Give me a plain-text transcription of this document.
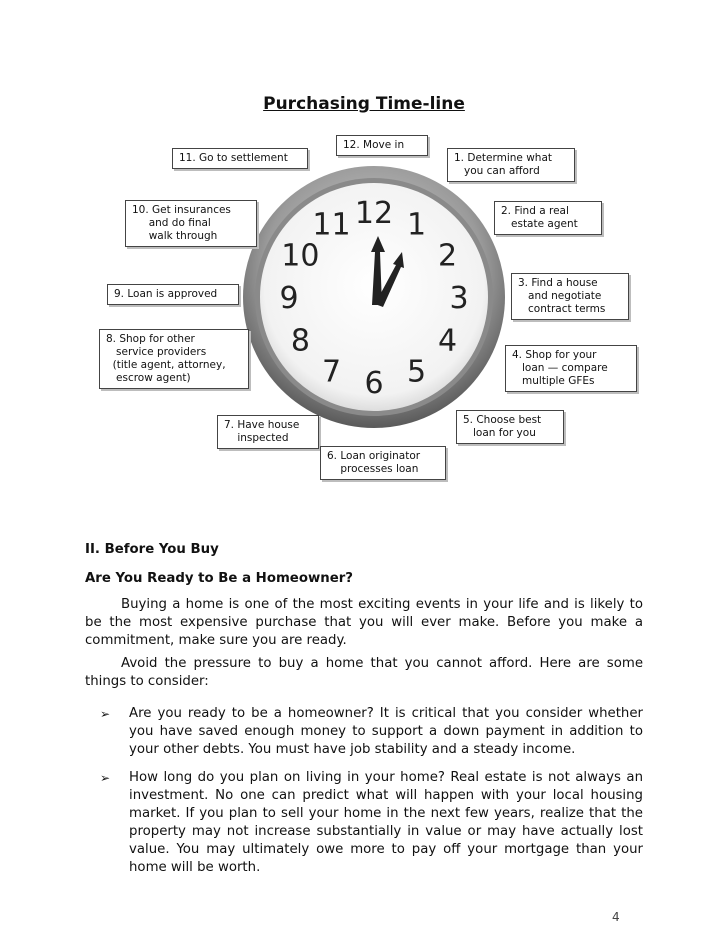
Purchasing Time-line
12 1
2
3
4
5
6
7
8
9
10
11
11. Go to settlement
12. Move in
1. Determine what
you can afford
10. Get insurances
and do final
walk through
2. Find a real
estate agent
9. Loan is approved
3. Find a house
and negotiate
contract terms
8. Shop for other
service providers
(title agent, attorney,
escrow agent)
4. Shop for your
loan — compare
multiple GFEs
7. Have house
inspected
5. Choose best
loan for you
6. Loan originator
processes loan
II. Before You Buy
Are You Ready to Be a Homeowner?
Buying a home is one of the most exciting events in your life and is likely to be the most expensive purchase that you will ever make. Before you make a commitment, make sure you are ready.
Avoid the pressure to buy a home that you cannot afford. Here are some things to consider:
➢ Are you ready to be a homeowner? It is critical that you consider whether you have saved enough money to support a down payment in addition to your other debts. You must have job stability and a steady income.
➢ How long do you plan on living in your home? Real estate is not always an investment. No one can predict what will happen with your local housing market. If you plan to sell your home in the next few years, realize that the property may not increase substantially in value or may have actually lost value. You may ultimately owe more to pay off your mortgage than your home will be worth.
4
